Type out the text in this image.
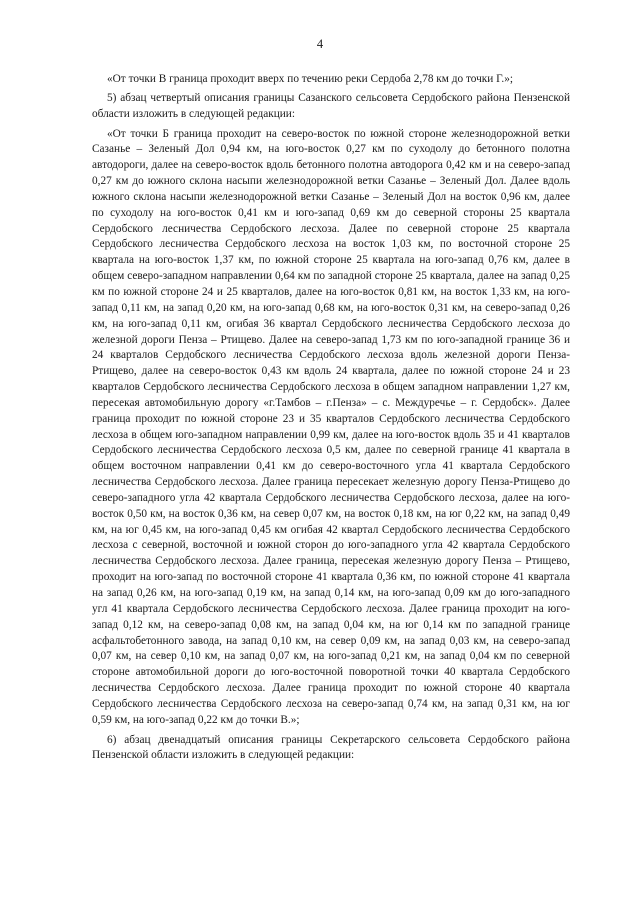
4

«От точки В граница проходит вверх по течению реки Сердоба 2,78 км до точки Г.»;

5) абзац четвертый описания границы Сазанского сельсовета Сердобского района Пензенской области изложить в следующей редакции:

«От точки Б граница проходит на северо-восток по южной стороне железнодорожной ветки Сазанье – Зеленый Дол 0,94 км, на юго-восток 0,27 км по суходолу до бетонного полотна автодороги, далее на северо-восток вдоль бетонного полотна автодорога 0,42 км и на северо-запад 0,27 км до южного склона насыпи железнодорожной ветки Сазанье – Зеленый Дол. Далее вдоль южного склона насыпи железнодорожной ветки Сазанье – Зеленый Дол на восток 0,96 км, далее по суходолу на юго-восток 0,41 км и юго-запад 0,69 км до северной стороны 25 квартала Сердобского лесничества Сердобского лесхоза. Далее по северной стороне 25 квартала Сердобского лесничества Сердобского лесхоза на восток 1,03 км, по восточной стороне 25 квартала на юго-восток 1,37 км, по южной стороне 25 квартала на юго-запад 0,76 км, далее в общем северо-западном направлении 0,64 км по западной стороне 25 квартала, далее на запад 0,25 км по южной стороне 24 и 25 кварталов, далее на юго-восток 0,81 км, на восток 1,33 км, на юго-запад 0,11 км, на запад 0,20 км, на юго-запад 0,68 км, на юго-восток 0,31 км, на северо-запад 0,26 км, на юго-запад 0,11 км, огибая 36 квартал Сердобского лесничества Сердобского лесхоза до железной дороги Пенза – Ртищево. Далее на северо-запад 1,73 км по юго-западной границе 36 и 24 кварталов Сердобского лесничества Сердобского лесхоза вдоль железной дороги Пенза-Ртищево, далее на северо-восток 0,43 км вдоль 24 квартала, далее по южной стороне 24 и 23 кварталов Сердобского лесничества Сердобского лесхоза в общем западном направлении 1,27 км, пересекая автомобильную дорогу «г.Тамбов – г.Пенза» – с. Междуречье – г. Сердобск». Далее граница проходит по южной стороне 23 и 35 кварталов Сердобского лесничества Сердобского лесхоза в общем юго-западном направлении 0,99 км, далее на юго-восток вдоль 35 и 41 кварталов Сердобского лесничества Сердобского лесхоза 0,5 км, далее по северной границе 41 квартала в общем восточном направлении 0,41 км до северо-восточного угла 41 квартала Сердобского лесничества Сердобского лесхоза. Далее граница пересекает железную дорогу Пенза-Ртищево до северо-западного угла 42 квартала Сердобского лесничества Сердобского лесхоза, далее на юго-восток 0,50 км, на восток 0,36 км, на север 0,07 км, на восток 0,18 км, на юг 0,22 км, на запад 0,49 км, на юг 0,45 км, на юго-запад 0,45 км огибая 42 квартал Сердобского лесничества Сердобского лесхоза с северной, восточной и южной сторон до юго-западного угла 42 квартала Сердобского лесничества Сердобского лесхоза. Далее граница, пересекая железную дорогу Пенза – Ртищево, проходит на юго-запад по восточной стороне 41 квартала 0,36 км, по южной стороне 41 квартала на запад 0,26 км, на юго-запад 0,19 км, на запад 0,14 км, на юго-запад 0,09 км до юго-западного угл 41 квартала Сердобского лесничества Сердобского лесхоза. Далее граница проходит на юго-запад 0,12 км, на северо-запад 0,08 км, на запад 0,04 км, на юг 0,14 км по западной границе асфальтобетонного завода, на запад 0,10 км, на север 0,09 км, на запад 0,03 км, на северо-запад 0,07 км, на север 0,10 км, на запад 0,07 км, на юго-запад 0,21 км, на запад 0,04 км по северной стороне автомобильной дороги до юго-восточной поворотной точки 40 квартала Сердобского лесничества Сердобского лесхоза. Далее граница проходит по южной стороне 40 квартала Сердобского лесничества Сердобского лесхоза на северо-запад 0,74 км, на запад 0,31 км, на юг 0,59 км, на юго-запад 0,22 км до точки В.»;

6) абзац двенадцатый описания границы Секретарского сельсовета Сердобского района Пензенской области изложить в следующей редакции:
